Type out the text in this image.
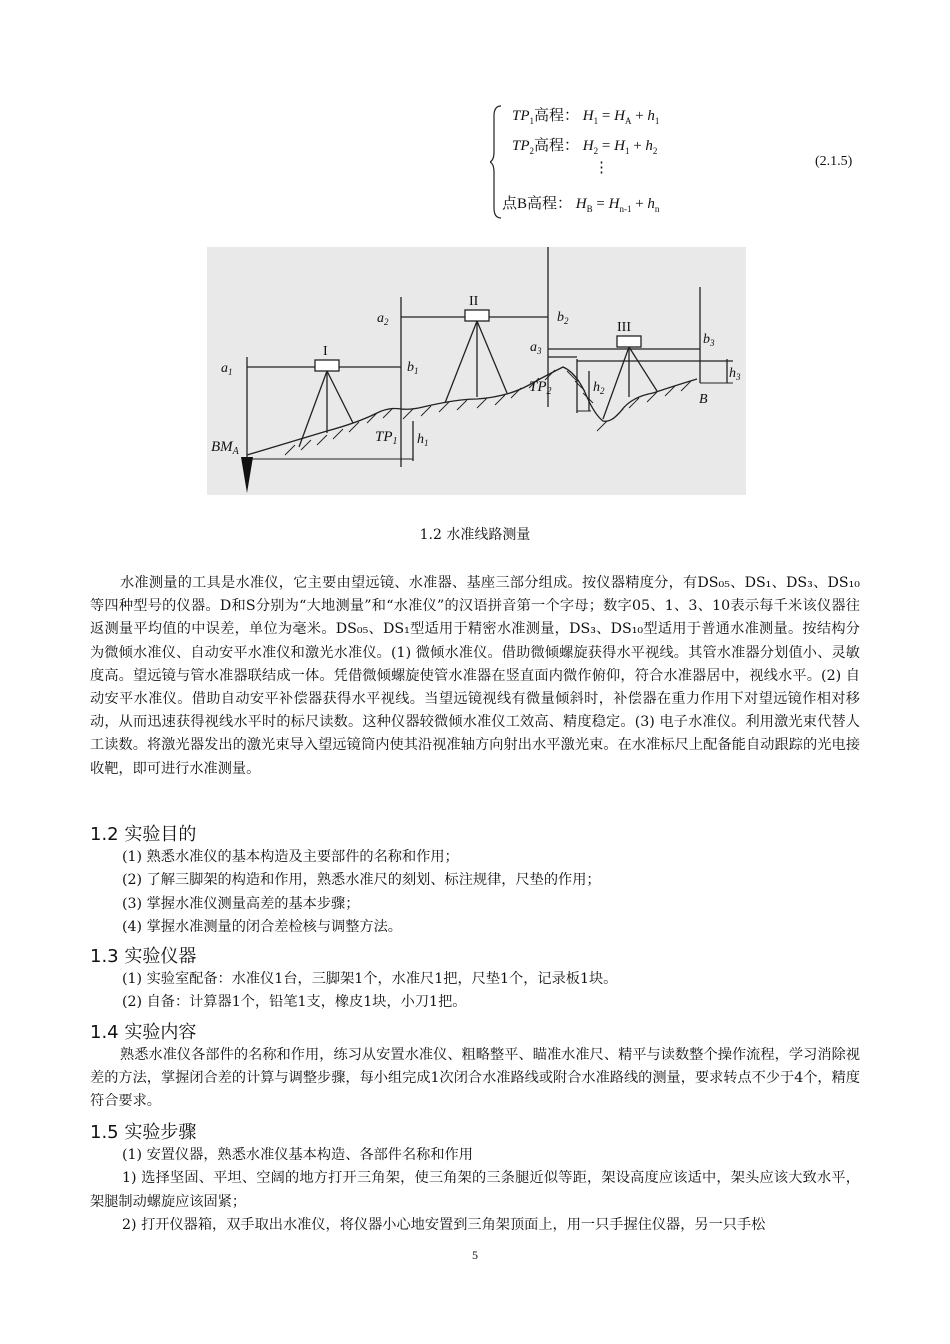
$TP_1$高程： $H_1 = H_A + h_1$
$TP_2$高程： $H_2 = H_1 + h_2$
⋮
点B高程： $H_B = H_{n-1} + h_n$
(2.1.5)
$a_1$
$a_2$
$a_3$
$b_1$
$b_2$
$b_3$
$h_1$
$h_2$
$h_3$
$TP_1$
$TP_2$
$BM_A$
B
I
II
III
1.2 水准线路测量

水准测量的工具是水准仪，它主要由望远镜、水准器、基座三部分组成。按仪器精度分，有DS₀₅、DS₁、DS₃、DS₁₀等四种型号的仪器。D和S分别为“大地测量”和“水准仪”的汉语拼音第一个字母；数字05、1、3、10表示每千米该仪器往返测量平均值的中误差，单位为毫米。DS₀₅、DS₁型适用于精密水准测量，DS₃、DS₁₀型适用于普通水准测量。按结构分为微倾水准仪、自动安平水准仪和激光水准仪。(1) 微倾水准仪。借助微倾螺旋获得水平视线。其管水准器分划值小、灵敏度高。望远镜与管水准器联结成一体。凭借微倾螺旋使管水准器在竖直面内微作俯仰，符合水准器居中，视线水平。(2) 自动安平水准仪。借助自动安平补偿器获得水平视线。当望远镜视线有微量倾斜时，补偿器在重力作用下对望远镜作相对移动，从而迅速获得视线水平时的标尺读数。这种仪器较微倾水准仪工效高、精度稳定。(3) 电子水准仪。利用激光束代替人工读数。将激光器发出的激光束导入望远镜筒内使其沿视准轴方向射出水平激光束。在水准标尺上配备能自动跟踪的光电接收靶，即可进行水准测量。

1.2 实验目的
(1) 熟悉水准仪的基本构造及主要部件的名称和作用；
(2) 了解三脚架的构造和作用，熟悉水准尺的刻划、标注规律，尺垫的作用；
(3) 掌握水准仪测量高差的基本步骤；
(4) 掌握水准测量的闭合差检核与调整方法。
1.3 实验仪器
(1) 实验室配备：水准仪1台，三脚架1个，水准尺1把，尺垫1个，记录板1块。
(2) 自备：计算器1个，铅笔1支，橡皮1块，小刀1把。
1.4 实验内容

熟悉水准仪各部件的名称和作用，练习从安置水准仪、粗略整平、瞄准水准尺、精平与读数整个操作流程，学习消除视差的方法，掌握闭合差的计算与调整步骤，每小组完成1次闭合水准路线或附合水准路线的测量，要求转点不少于4个，精度符合要求。

1.5 实验步骤
(1) 安置仪器，熟悉水准仪基本构造、各部件名称和作用
1) 选择坚固、平坦、空阔的地方打开三角架，使三角架的三条腿近似等距，架设高度应该适中，架头应该大致水平，架腿制动螺旋应该固紧；
2) 打开仪器箱，双手取出水准仪，将仪器小心地安置到三角架顶面上，用一只手握住仪器，另一只手松
5
